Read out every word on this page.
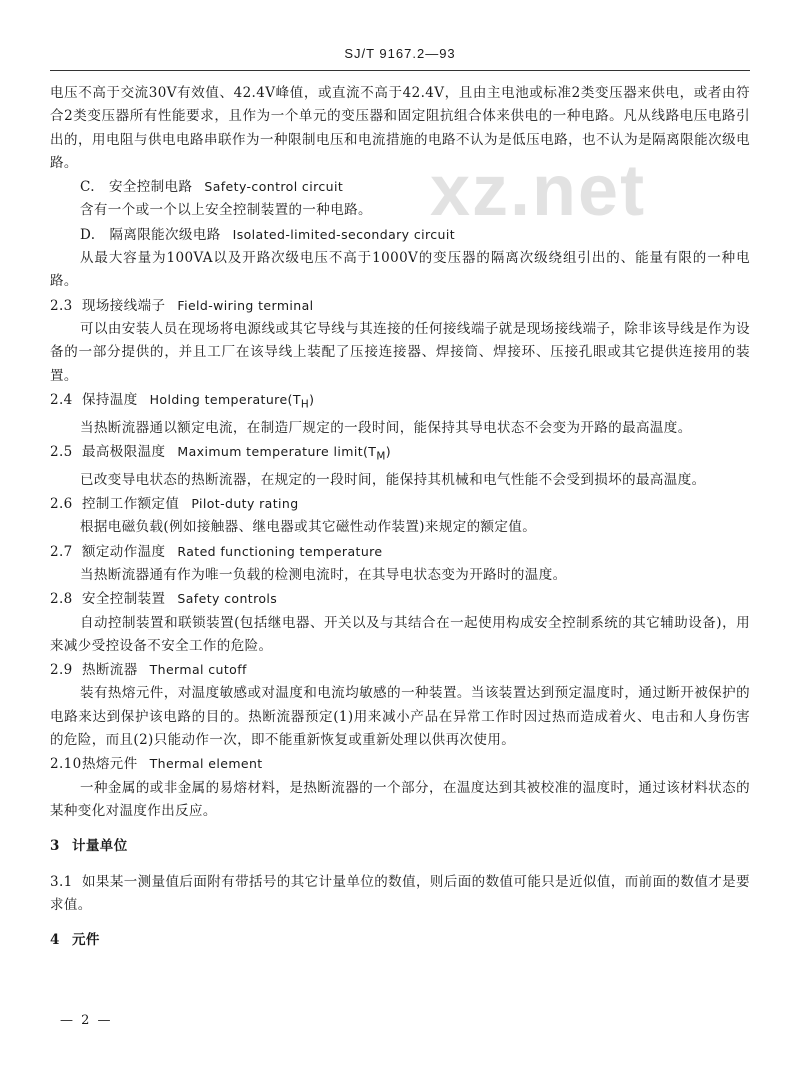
SJ/T 9167.2—93
xz.net

电压不高于交流30V有效值、42.4V峰值，或直流不高于42.4V，且由主电池或标准2类变压器来供电，或者由符合2类变压器所有性能要求，且作为一个单元的变压器和固定阻抗组合体来供电的一种电路。凡从线路电压电路引出的，用电阻与供电电路串联作为一种限制电压和电流措施的电路不认为是低压电路，也不认为是隔离限能次级电路。

C. 安全控制电路 Safety-control circuit

含有一个或一个以上安全控制装置的一种电路。

D. 隔离限能次级电路 Isolated-limited-secondary circuit

从最大容量为100VA以及开路次级电压不高于1000V的变压器的隔离次级绕组引出的、能量有限的一种电路。

2.3 现场接线端子 Field-wiring terminal

可以由安装人员在现场将电源线或其它导线与其连接的任何接线端子就是现场接线端子，除非该导线是作为设备的一部分提供的，并且工厂在该导线上装配了压接连接器、焊接筒、焊接环、压接孔眼或其它提供连接用的装置。

2.4 保持温度 Holding $temperature(T_H)$

当热断流器通以额定电流，在制造厂规定的一段时间，能保持其导电状态不会变为开路的最高温度。

2.5 最高极限温度 Maximum temperature $limit(T_M)$

已改变导电状态的热断流器，在规定的一段时间，能保持其机械和电气性能不会受到损坏的最高温度。

2.6 控制工作额定值 Pilot-duty rating

根据电磁负载(例如接触器、继电器或其它磁性动作装置)来规定的额定值。

2.7 额定动作温度 Rated functioning temperature

当热断流器通有作为唯一负载的检测电流时，在其导电状态变为开路时的温度。

2.8 安全控制装置 Safety controls

自动控制装置和联锁装置(包括继电器、开关以及与其结合在一起使用构成安全控制系统的其它辅助设备)，用来减少受控设备不安全工作的危险。

2.9 热断流器 Thermal cutoff

装有热熔元件，对温度敏感或对温度和电流均敏感的一种装置。当该装置达到预定温度时，通过断开被保护的电路来达到保护该电路的目的。热断流器预定(1)用来减小产品在异常工作时因过热而造成着火、电击和人身伤害的危险，而且(2)只能动作一次，即不能重新恢复或重新处理以供再次使用。

2.10热熔元件 Thermal element

一种金属的或非金属的易熔材料，是热断流器的一个部分，在温度达到其被校准的温度时，通过该材料状态的某种变化对温度作出反应。

3 计量单位

3.1 如果某一测量值后面附有带括号的其它计量单位的数值，则后面的数值可能只是近似值，而前面的数值才是要求值。

4 元件

— 2 —
